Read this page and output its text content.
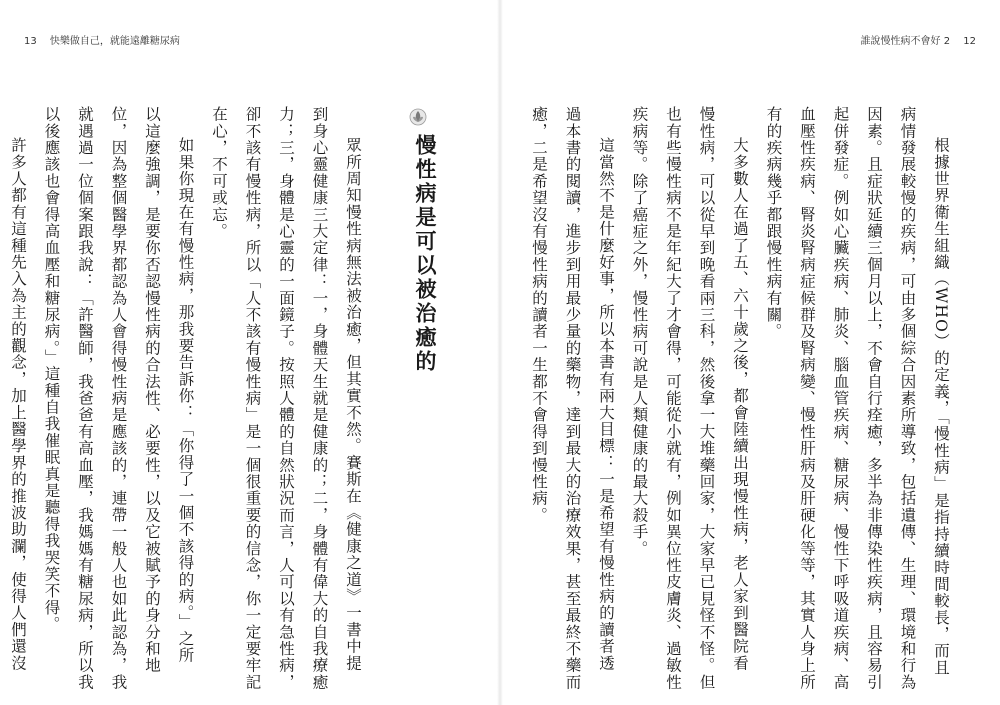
13 快樂做自己，就能遠離糖尿病	誰說慢性病不會好 2 12
慢性病是可以被治癒的
眾所周知慢性病無法被治癒，但其實不然。賽斯在《健康之道》一書中提
到身心靈健康三大定律：一，身體天生就是健康的；二，身體有偉大的自我療癒
力；三，身體是心靈的一面鏡子。按照人體的自然狀況而言，人可以有急性病，
卻不該有慢性病，所以「人不該有慢性病」是一個很重要的信念，你一定要牢記
在心，不可或忘。
如果你現在有慢性病，那我要告訴你：「你得了一個不該得的病。」之所
以這麼強調，是要你否認慢性病的合法性、必要性，以及它被賦予的身分和地
位，因為整個醫學界都認為人會得慢性病是應該的，連帶一般人也如此認為，我
就遇過一位個案跟我說：「許醫師，我爸爸有高血壓，我媽媽有糖尿病，所以我
以後應該也會得高血壓和糖尿病。」這種自我催眠真是聽得我哭笑不得。
許多人都有這種先入為主的觀念，加上醫學界的推波助瀾，使得人們還沒	根據世界衛生組織（WHO）的定義，「慢性病」是指持續時間較長，而且
病情發展較慢的疾病，可由多個綜合因素所導致，包括遺傳、生理、環境和行為
因素。且症狀延續三個月以上，不會自行痊癒，多半為非傳染性疾病，且容易引
起併發症。例如心臟疾病、肺炎、腦血管疾病、糖尿病、慢性下呼吸道疾病、高
血壓性疾病、腎炎腎病症候群及腎病變、慢性肝病及肝硬化等等，其實人身上所
有的疾病幾乎都跟慢性病有關。
大多數人在過了五、六十歲之後，都會陸續出現慢性病，老人家到醫院看
慢性病，可以從早到晚看兩三科，然後拿一大堆藥回家，大家早已見怪不怪。但
也有些慢性病不是年紀大了才會得，可能從小就有，例如異位性皮膚炎、過敏性
疾病等。除了癌症之外，慢性病可說是人類健康的最大殺手。
這當然不是什麼好事，所以本書有兩大目標：一是希望有慢性病的讀者透
過本書的閱讀，進步到用最少量的藥物，達到最大的治療效果，甚至最終不藥而
癒，二是希望沒有慢性病的讀者一生都不會得到慢性病。
